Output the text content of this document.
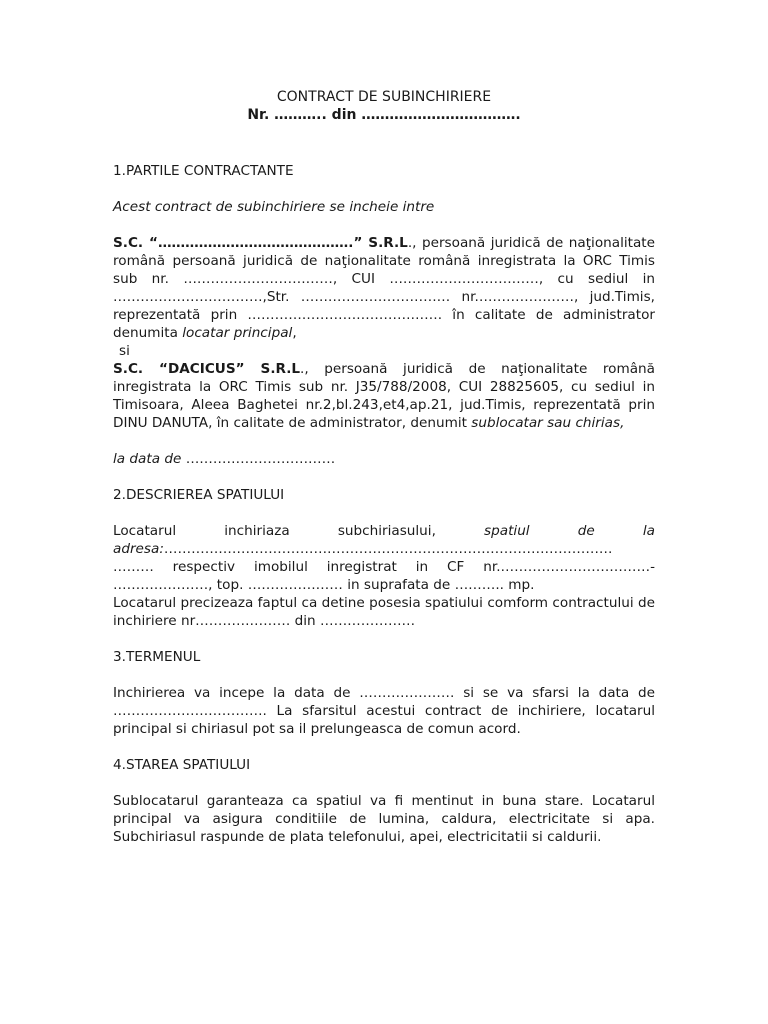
CONTRACT DE SUBINCHIRIERE
Nr. ……….. din …………………………….

1.PARTILE CONTRACTANTE

Acest contract de subinchiriere se incheie intre

S.C. “…………………………………….” S.R.L., persoană juridică de naţionalitate română persoană juridică de naţionalitate română inregistrata la ORC Timis sub nr. ……………………………, CUI ……………………………, cu sediul in ……………………………,Str. …………………………… nr.…………………, jud.Timis, reprezentată prin ……………………………………. în calitate de administrator denumita locatar principal,

si

S.C. “DACICUS” S.R.L., persoană juridică de naţionalitate română inregistrata la ORC Timis sub nr. J35/788/2008, CUI 28825605, cu sediul in Timisoara, Aleea Baghetei nr.2,bl.243,et4,ap.21, jud.Timis, reprezentată prin DINU DANUTA, în calitate de administrator, denumit sublocatar sau chirias,

la data de ……………………………

2.DESCRIEREA SPATIULUI

Locatarul inchiriaza subchiriasului, spatiul de la adresa:……………………………………………………………………………………… ……… respectiv imobilul inregistrat in CF nr.……………………………- …………………, top. ………………… in suprafata de ……….. mp.

Locatarul precizeaza faptul ca detine posesia spatiului comform contractului de inchiriere nr………………… din …………………

3.TERMENUL

Inchirierea va incepe la data de ………………… si se va sfarsi la data de ……………………………. La sfarsitul acestui contract de inchiriere, locatarul principal si chiriasul pot sa il prelungeasca de comun acord.

4.STAREA SPATIULUI

Sublocatarul garanteaza ca spatiul va fi mentinut in buna stare. Locatarul principal va asigura conditiile de lumina, caldura, electricitate si apa. Subchiriasul raspunde de plata telefonului, apei, electricitatii si caldurii.
